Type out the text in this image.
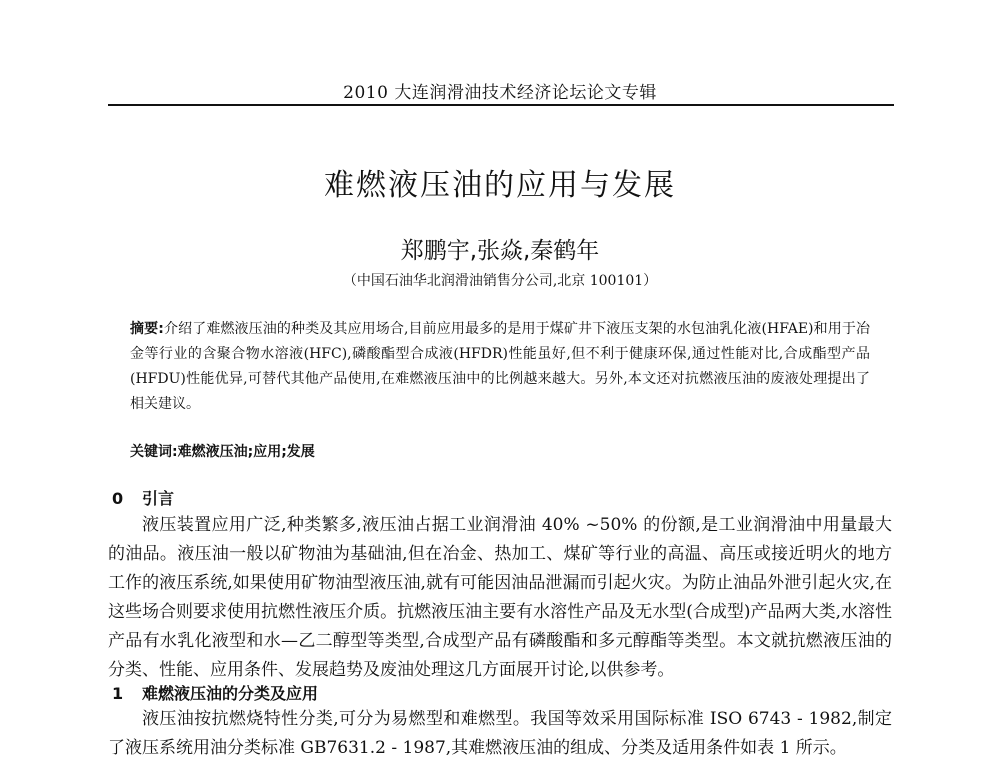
2010 大连润滑油技术经济论坛论文专辑
难燃液压油的应用与发展
郑鹏宇,张焱,秦鹤年
（中国石油华北润滑油销售分公司,北京 100101）
摘要:介绍了难燃液压油的种类及其应用场合,目前应用最多的是用于煤矿井下液压支架的水包油乳化液(HFAE)和用于冶金等行业的含聚合物水溶液(HFC),磷酸酯型合成液(HFDR)性能虽好,但不利于健康环保,通过性能对比,合成酯型产品(HFDU)性能优异,可替代其他产品使用,在难燃液压油中的比例越来越大。另外,本文还对抗燃液压油的废液处理提出了相关建议。
关键词:难燃液压油;应用;发展
0 引言
液压装置应用广泛,种类繁多,液压油占据工业润滑油 40% ~50% 的份额,是工业润滑油中用量最大的油品。液压油一般以矿物油为基础油,但在冶金、热加工、煤矿等行业的高温、高压或接近明火的地方工作的液压系统,如果使用矿物油型液压油,就有可能因油品泄漏而引起火灾。为防止油品外泄引起火灾,在这些场合则要求使用抗燃性液压介质。抗燃液压油主要有水溶性产品及无水型(合成型)产品两大类,水溶性产品有水乳化液型和水—乙二醇型等类型,合成型产品有磷酸酯和多元醇酯等类型。本文就抗燃液压油的分类、性能、应用条件、发展趋势及废油处理这几方面展开讨论,以供参考。
1 难燃液压油的分类及应用
液压油按抗燃烧特性分类,可分为易燃型和难燃型。我国等效采用国际标准 ISO 6743 - 1982,制定了液压系统用油分类标准 GB7631.2 - 1987,其难燃液压油的组成、分类及适用条件如表 1 所示。
